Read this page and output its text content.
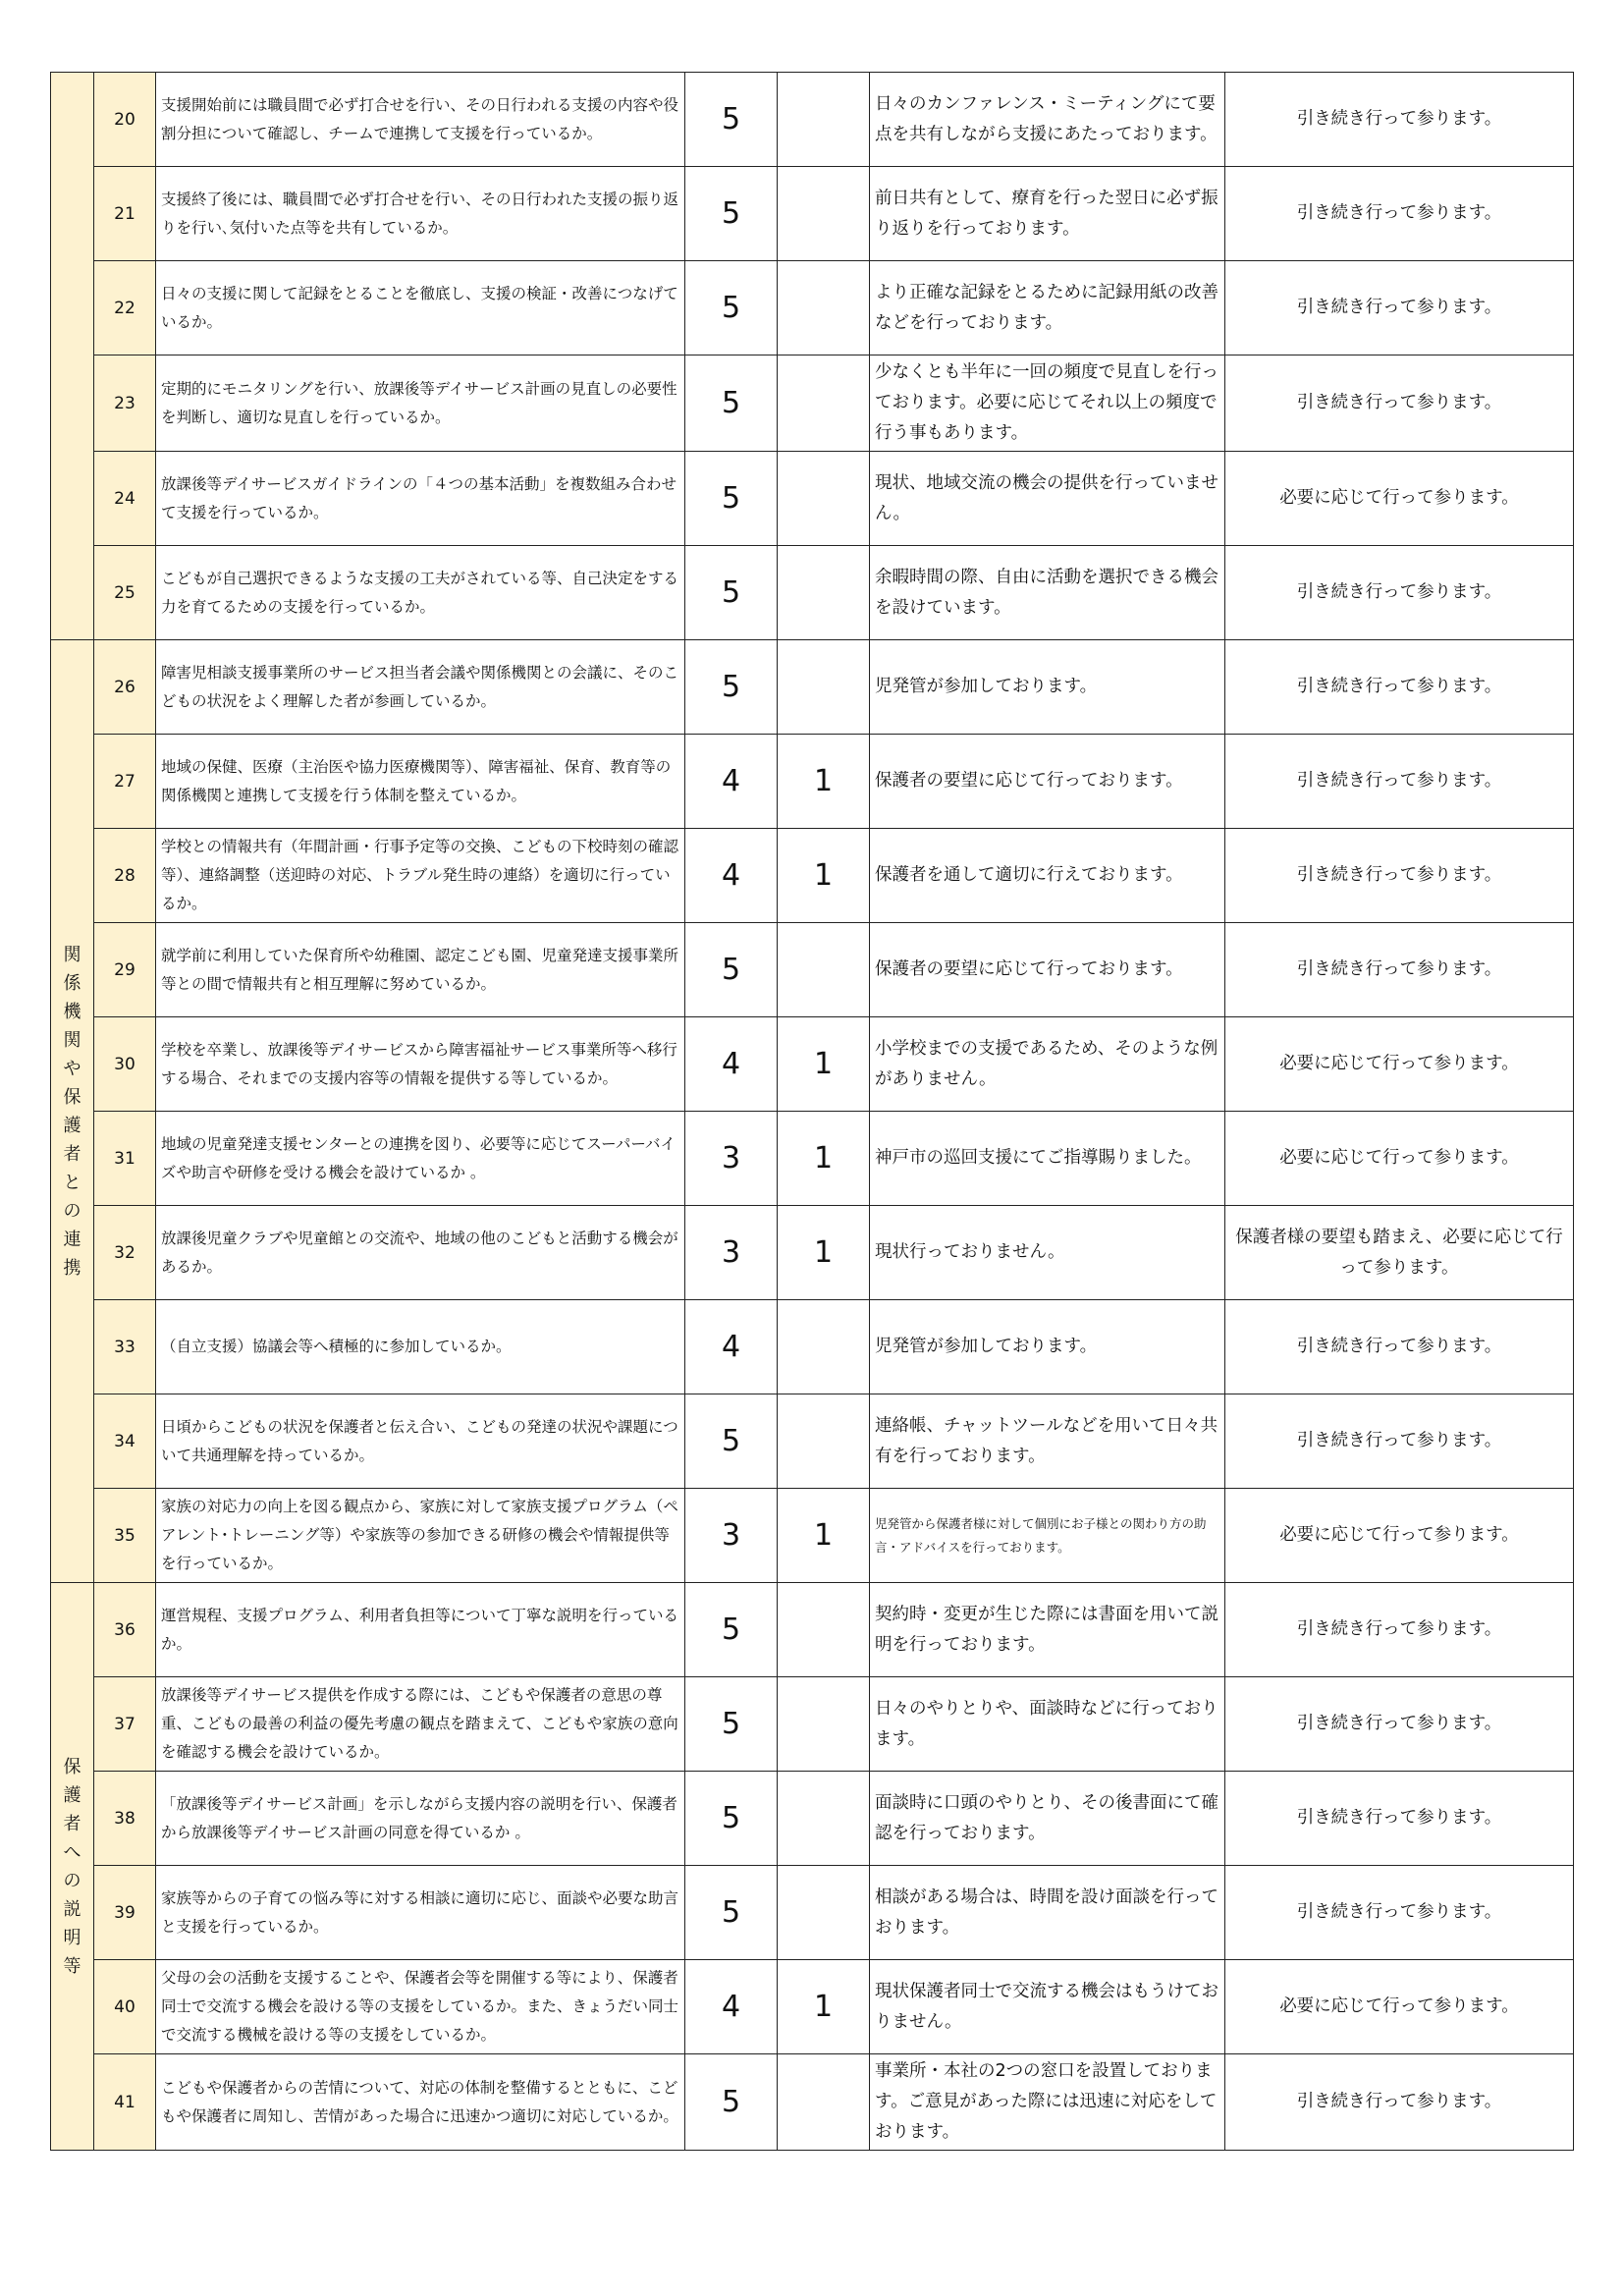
	20	支援開始前には職員間で必ず打合せを行い、その日行われる支援の内容や役割分担について確認し、チームで連携して支援を行っているか。	5		日々のカンファレンス・ミーティングにて要点を共有しながら支援にあたっております。	引き続き行って参ります。
	21	支援終了後には、職員間で必ず打合せを行い、その日行われた支援の振り返りを行い､気付いた点等を共有しているか。	5		前日共有として、療育を行った翌日に必ず振り返りを行っております。	引き続き行って参ります。
	22	日々の支援に関して記録をとることを徹底し、支援の検証・改善につなげているか。	5		より正確な記録をとるために記録用紙の改善などを行っております。	引き続き行って参ります。
	23	定期的にモニタリングを行い、放課後等デイサービス計画の見直しの必要性を判断し、適切な見直しを行っているか。	5		少なくとも半年に一回の頻度で見直しを行っております。必要に応じてそれ以上の頻度で行う事もあります。	引き続き行って参ります。
	24	放課後等デイサービスガイドラインの「４つの基本活動」を複数組み合わせて支援を行っているか。	5		現状、地域交流の機会の提供を行っていません。	必要に応じて行って参ります。
	25	こどもが自己選択できるような支援の工夫がされている等、自己決定をする力を育てるための支援を行っているか。	5		余暇時間の際、自由に活動を選択できる機会を設けています。	引き続き行って参ります。
関係機関や保護者との連携	26	障害児相談支援事業所のサービス担当者会議や関係機関との会議に、そのこどもの状況をよく理解した者が参画しているか。	5		児発管が参加しております。	引き続き行って参ります。
	27	地域の保健、医療（主治医や協力医療機関等）、障害福祉、保育、教育等の関係機関と連携して支援を行う体制を整えているか。	4	1	保護者の要望に応じて行っております。	引き続き行って参ります。
	28	学校との情報共有（年間計画・行事予定等の交換、こどもの下校時刻の確認等）、連絡調整（送迎時の対応、トラブル発生時の連絡）を適切に行っているか。	4	1	保護者を通して適切に行えております。	引き続き行って参ります。
	29	就学前に利用していた保育所や幼稚園、認定こども園、児童発達支援事業所等との間で情報共有と相互理解に努めているか。	5		保護者の要望に応じて行っております。	引き続き行って参ります。
	30	学校を卒業し、放課後等デイサービスから障害福祉サービス事業所等へ移行する場合、それまでの支援内容等の情報を提供する等しているか。	4	1	小学校までの支援であるため、そのような例がありません。	必要に応じて行って参ります。
	31	地域の児童発達支援センターとの連携を図り、必要等に応じてスーパーバイズや助言や研修を受ける機会を設けているか 。	3	1	神戸市の巡回支援にてご指導賜りました。	必要に応じて行って参ります。
	32	放課後児童クラブや児童館との交流や、地域の他のこどもと活動する機会があるか。	3	1	現状行っておりません。	保護者様の要望も踏まえ、必要に応じて行って参ります。
	33	（自立支援）協議会等へ積極的に参加しているか。	4		児発管が参加しております。	引き続き行って参ります。
	34	日頃からこどもの状況を保護者と伝え合い、こどもの発達の状況や課題について共通理解を持っているか。	5		連絡帳、チャットツールなどを用いて日々共有を行っております。	引き続き行って参ります。
	35	家族の対応力の向上を図る観点から、家族に対して家族支援プログラム（ペアレント･トレーニング等）や家族等の参加できる研修の機会や情報提供等を行っているか。	3	1	児発管から保護者様に対して個別にお子様との関わり方の助言・アドバイスを行っております。	必要に応じて行って参ります。
保護者への説明等	36	運営規程、支援プログラム、利用者負担等について丁寧な説明を行っているか。	5		契約時・変更が生じた際には書面を用いて説明を行っております。	引き続き行って参ります。
	37	放課後等デイサービス提供を作成する際には、こどもや保護者の意思の尊重、こどもの最善の利益の優先考慮の観点を踏まえて、こどもや家族の意向を確認する機会を設けているか。	5		日々のやりとりや、面談時などに行っております。	引き続き行って参ります。
	38	「放課後等デイサービス計画」を示しながら支援内容の説明を行い、保護者から放課後等デイサービス計画の同意を得ているか 。	5		面談時に口頭のやりとり、その後書面にて確認を行っております。	引き続き行って参ります。
	39	家族等からの子育ての悩み等に対する相談に適切に応じ、面談や必要な助言と支援を行っているか。	5		相談がある場合は、時間を設け面談を行っております。	引き続き行って参ります。
	40	父母の会の活動を支援することや、保護者会等を開催する等により、保護者同士で交流する機会を設ける等の支援をしているか。また、きょうだい同士で交流する機械を設ける等の支援をしているか。	4	1	現状保護者同士で交流する機会はもうけておりません。	必要に応じて行って参ります。
	41	こどもや保護者からの苦情について、対応の体制を整備するとともに、こどもや保護者に周知し、苦情があった場合に迅速かつ適切に対応しているか。	5		事業所・本社の2つの窓口を設置しております。ご意見があった際には迅速に対応をしております。	引き続き行って参ります。
